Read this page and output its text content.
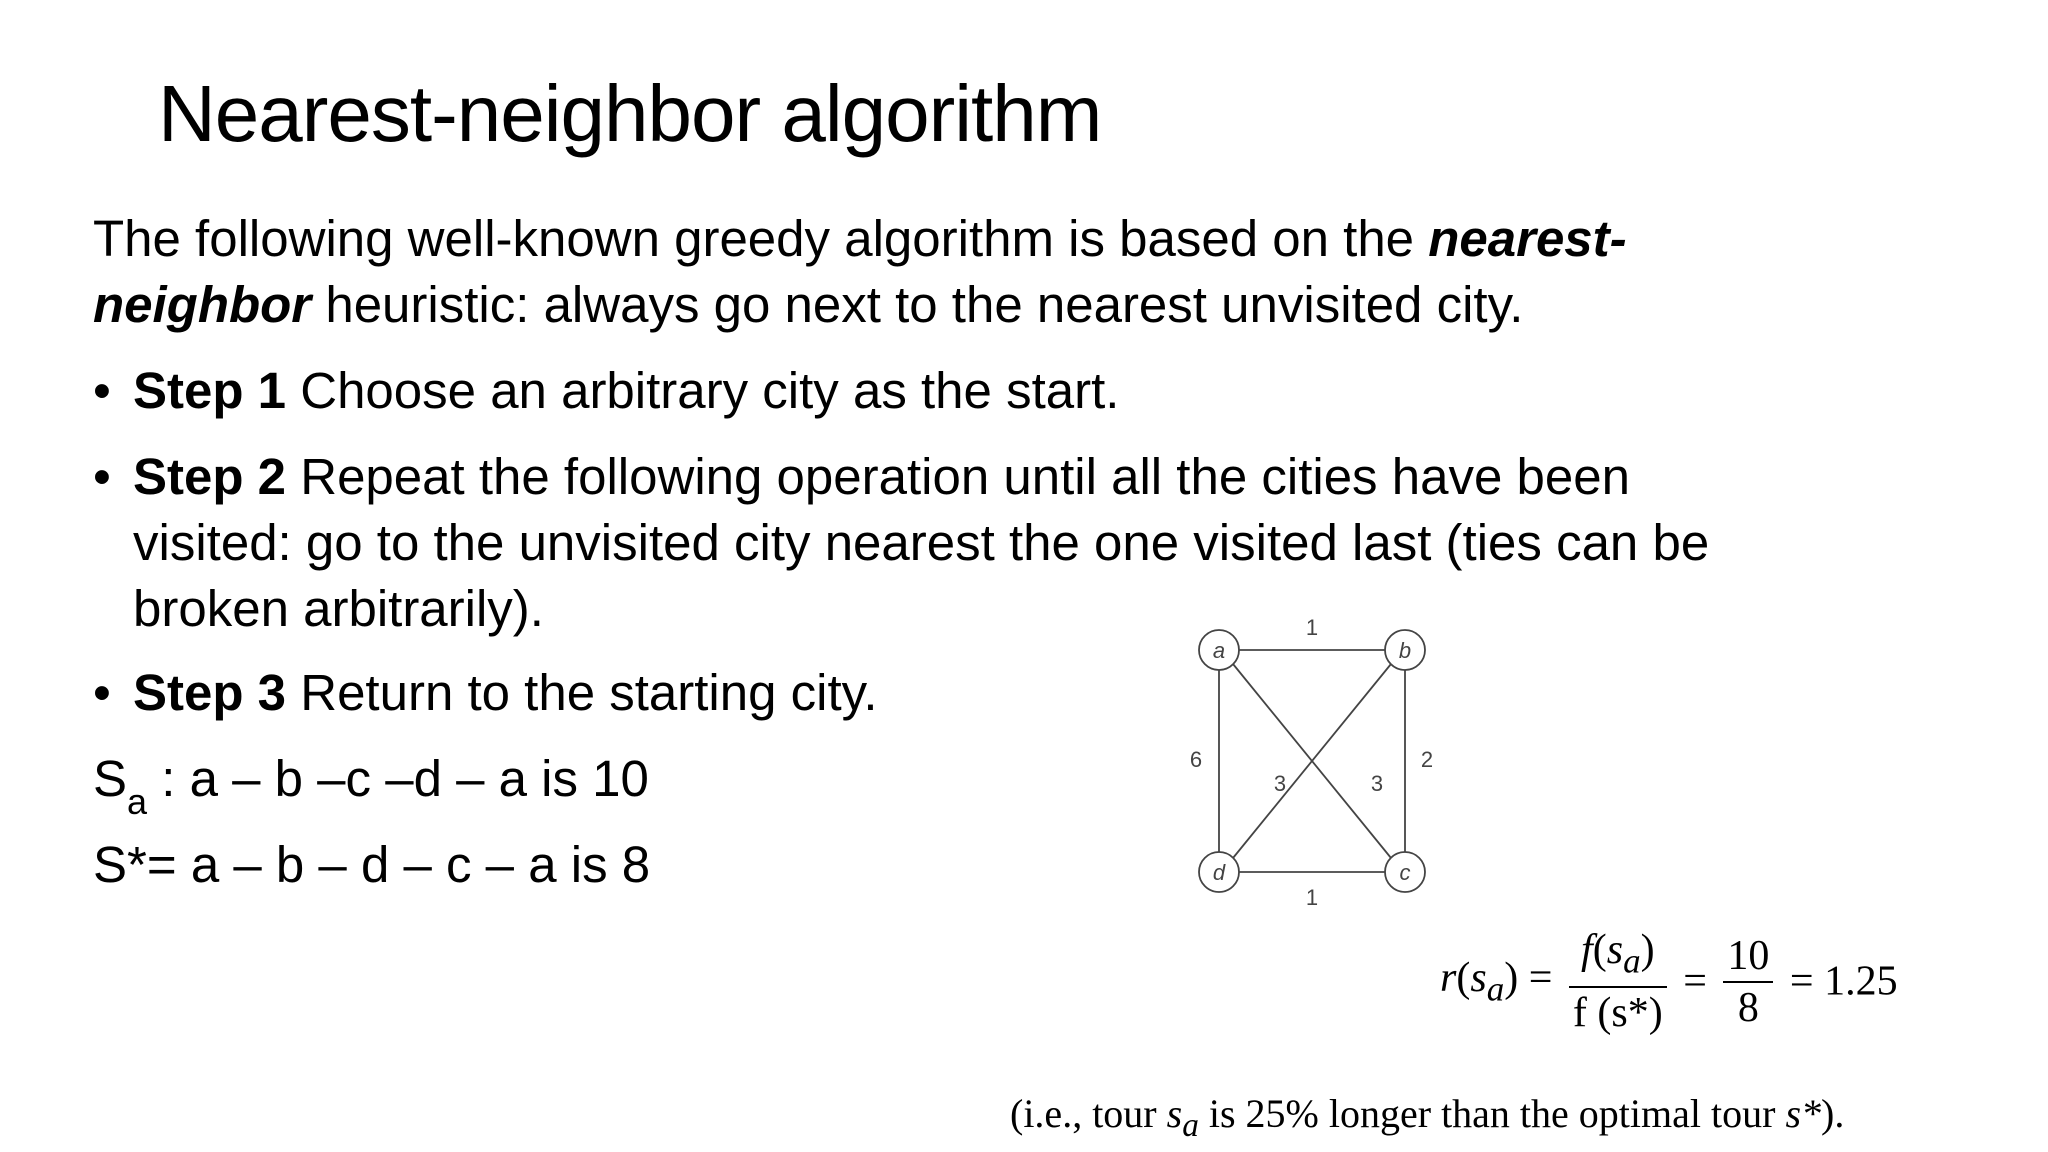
Nearest-neighbor algorithm
The following well-known greedy algorithm is based on the nearest-
neighbor heuristic: always go next to the nearest unvisited city.
• Step 1 Choose an arbitrary city as the start.
• Step 2 Repeat the following operation until all the cities have been
visited: go to the unvisited city nearest the one visited last (ties can be
broken arbitrarily).
• Step 3 Return to the starting city.
$S_a$ : a – b –c –d – a is 10
S*= a – b – d – c – a is 8
a	b
c
d
1
2
1
6
3	3
$r(s_a) = \frac{f(s_a)}{f (s*)} = \frac{10}{8} = 1.25$
(i.e., tour $s_a$ is 25% longer than the optimal tour s*).
